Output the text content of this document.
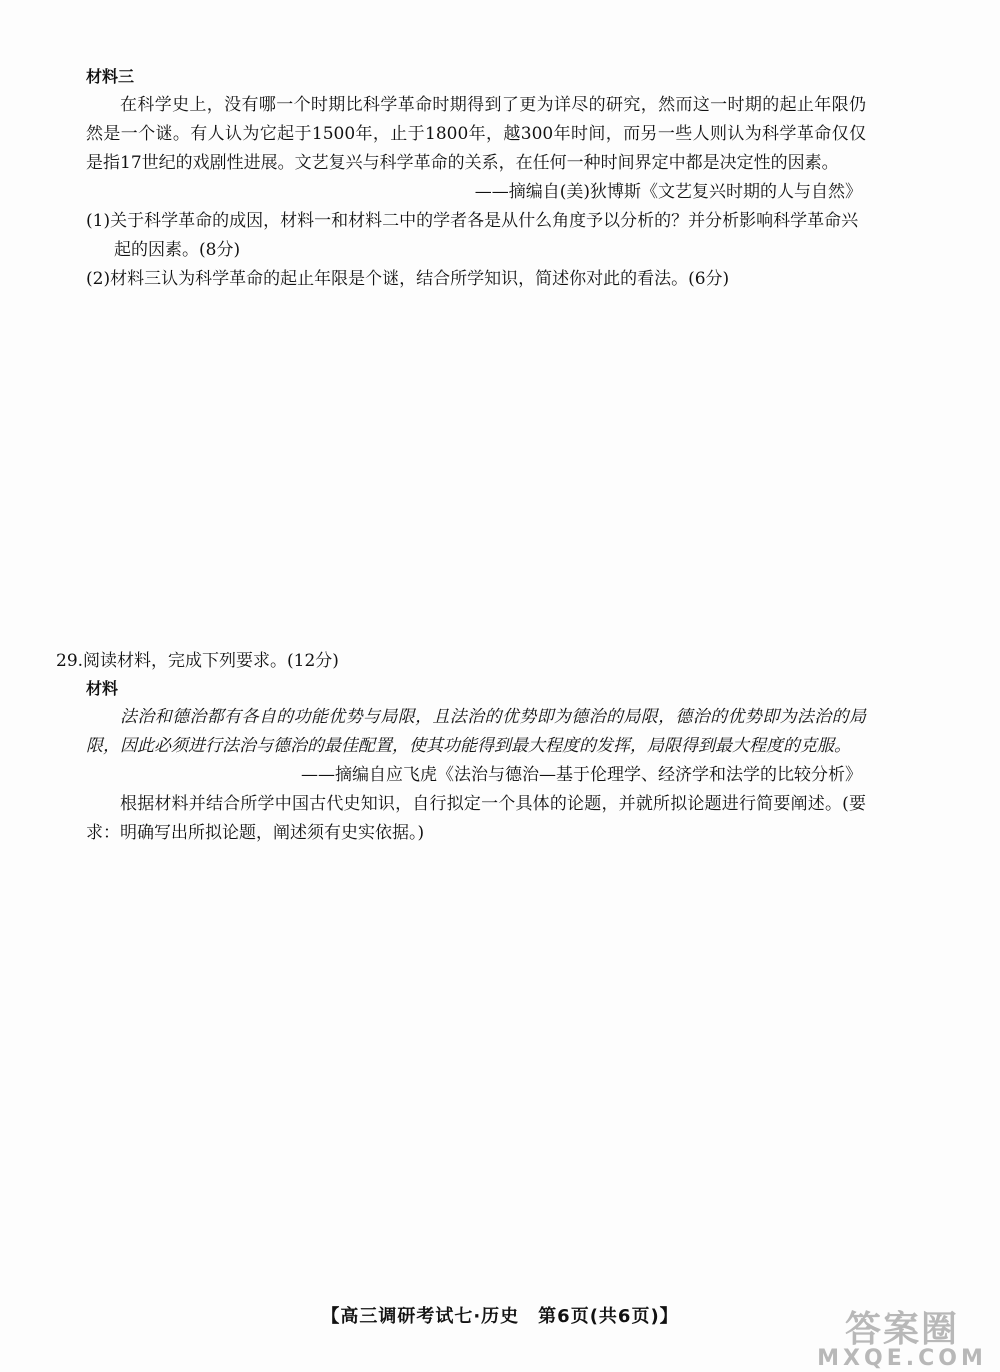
材料三

在科学史上，没有哪一个时期比科学革命时期得到了更为详尽的研究，然而这一时期的起止年限仍然是一个谜。有人认为它起于1500年，止于1800年，越300年时间，而另一些人则认为科学革命仅仅是指17世纪的戏剧性进展。文艺复兴与科学革命的关系，在任何一种时间界定中都是决定性的因素。

——摘编自(美)狄博斯《文艺复兴时期的人与自然》

(1)关于科学革命的成因，材料一和材料二中的学者各是从什么角度予以分析的？并分析影响科学革命兴起的因素。(8分)

(2)材料三认为科学革命的起止年限是个谜，结合所学知识，简述你对此的看法。(6分)

29.阅读材料，完成下列要求。(12分)

材料

法治和德治都有各自的功能优势与局限，且法治的优势即为德治的局限，德治的优势即为法治的局限，因此必须进行法治与德治的最佳配置，使其功能得到最大程度的发挥，局限得到最大程度的克服。

——摘编自应飞虎《法治与德治—基于伦理学、经济学和法学的比较分析》

根据材料并结合所学中国古代史知识，自行拟定一个具体的论题，并就所拟论题进行简要阐述。(要求：明确写出所拟论题，阐述须有史实依据。)

【高三调研考试七·历史　第6页(共6页)】	答案圈
MXQE.COM
